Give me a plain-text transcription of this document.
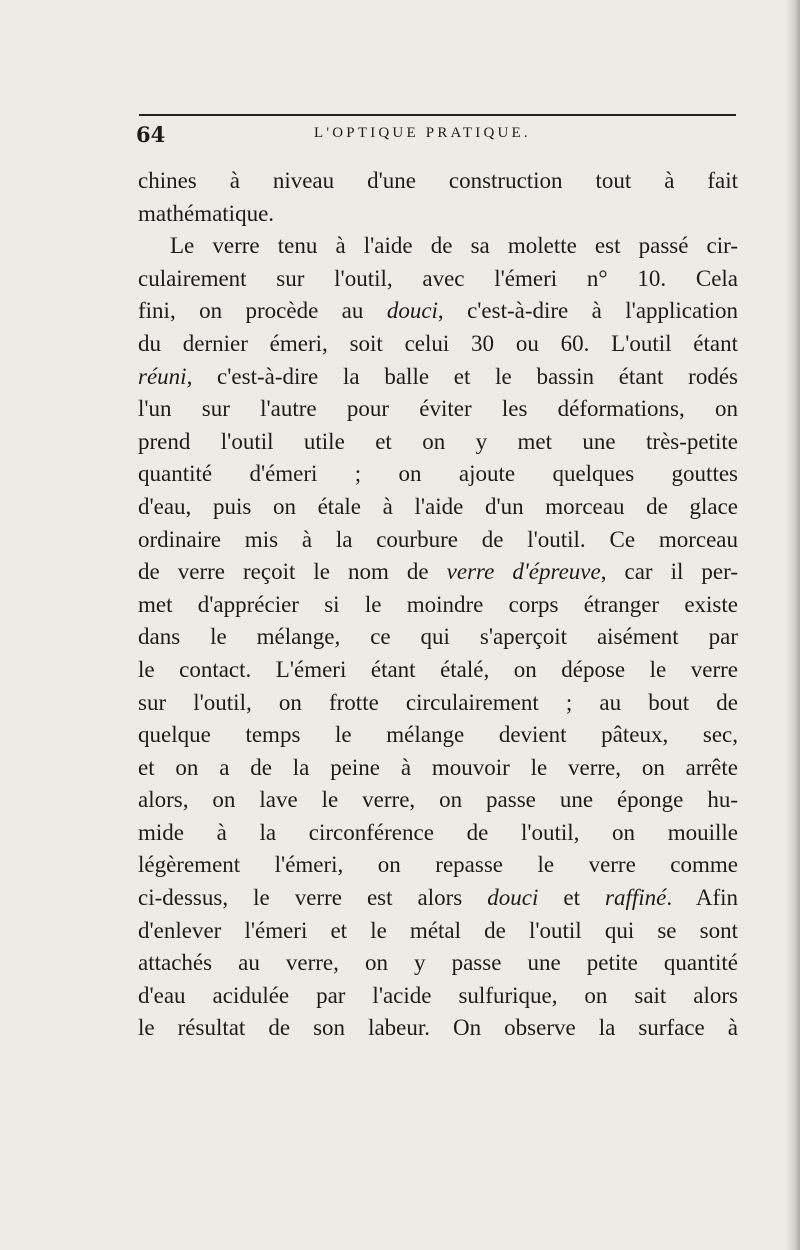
64	L'OPTIQUE PRATIQUE.
chines à niveau d'une construction tout à fait
mathématique.
Le verre tenu à l'aide de sa molette est passé cir-
culairement sur l'outil, avec l'émeri n° 10. Cela
fini, on procède au douci, c'est-à-dire à l'application
du dernier émeri, soit celui 30 ou 60. L'outil étant
réuni, c'est-à-dire la balle et le bassin étant rodés
l'un sur l'autre pour éviter les déformations, on
prend l'outil utile et on y met une très-petite
quantité d'émeri ; on ajoute quelques gouttes
d'eau, puis on étale à l'aide d'un morceau de glace
ordinaire mis à la courbure de l'outil. Ce morceau
de verre reçoit le nom de verre d'épreuve, car il per-
met d'apprécier si le moindre corps étranger existe
dans le mélange, ce qui s'aperçoit aisément par
le contact. L'émeri étant étalé, on dépose le verre
sur l'outil, on frotte circulairement ; au bout de
quelque temps le mélange devient pâteux, sec,
et on a de la peine à mouvoir le verre, on arrête
alors, on lave le verre, on passe une éponge hu-
mide à la circonférence de l'outil, on mouille
légèrement l'émeri, on repasse le verre comme
ci-dessus, le verre est alors douci et raffiné. Afin
d'enlever l'émeri et le métal de l'outil qui se sont
attachés au verre, on y passe une petite quantité
d'eau acidulée par l'acide sulfurique, on sait alors
le résultat de son labeur. On observe la surface à
